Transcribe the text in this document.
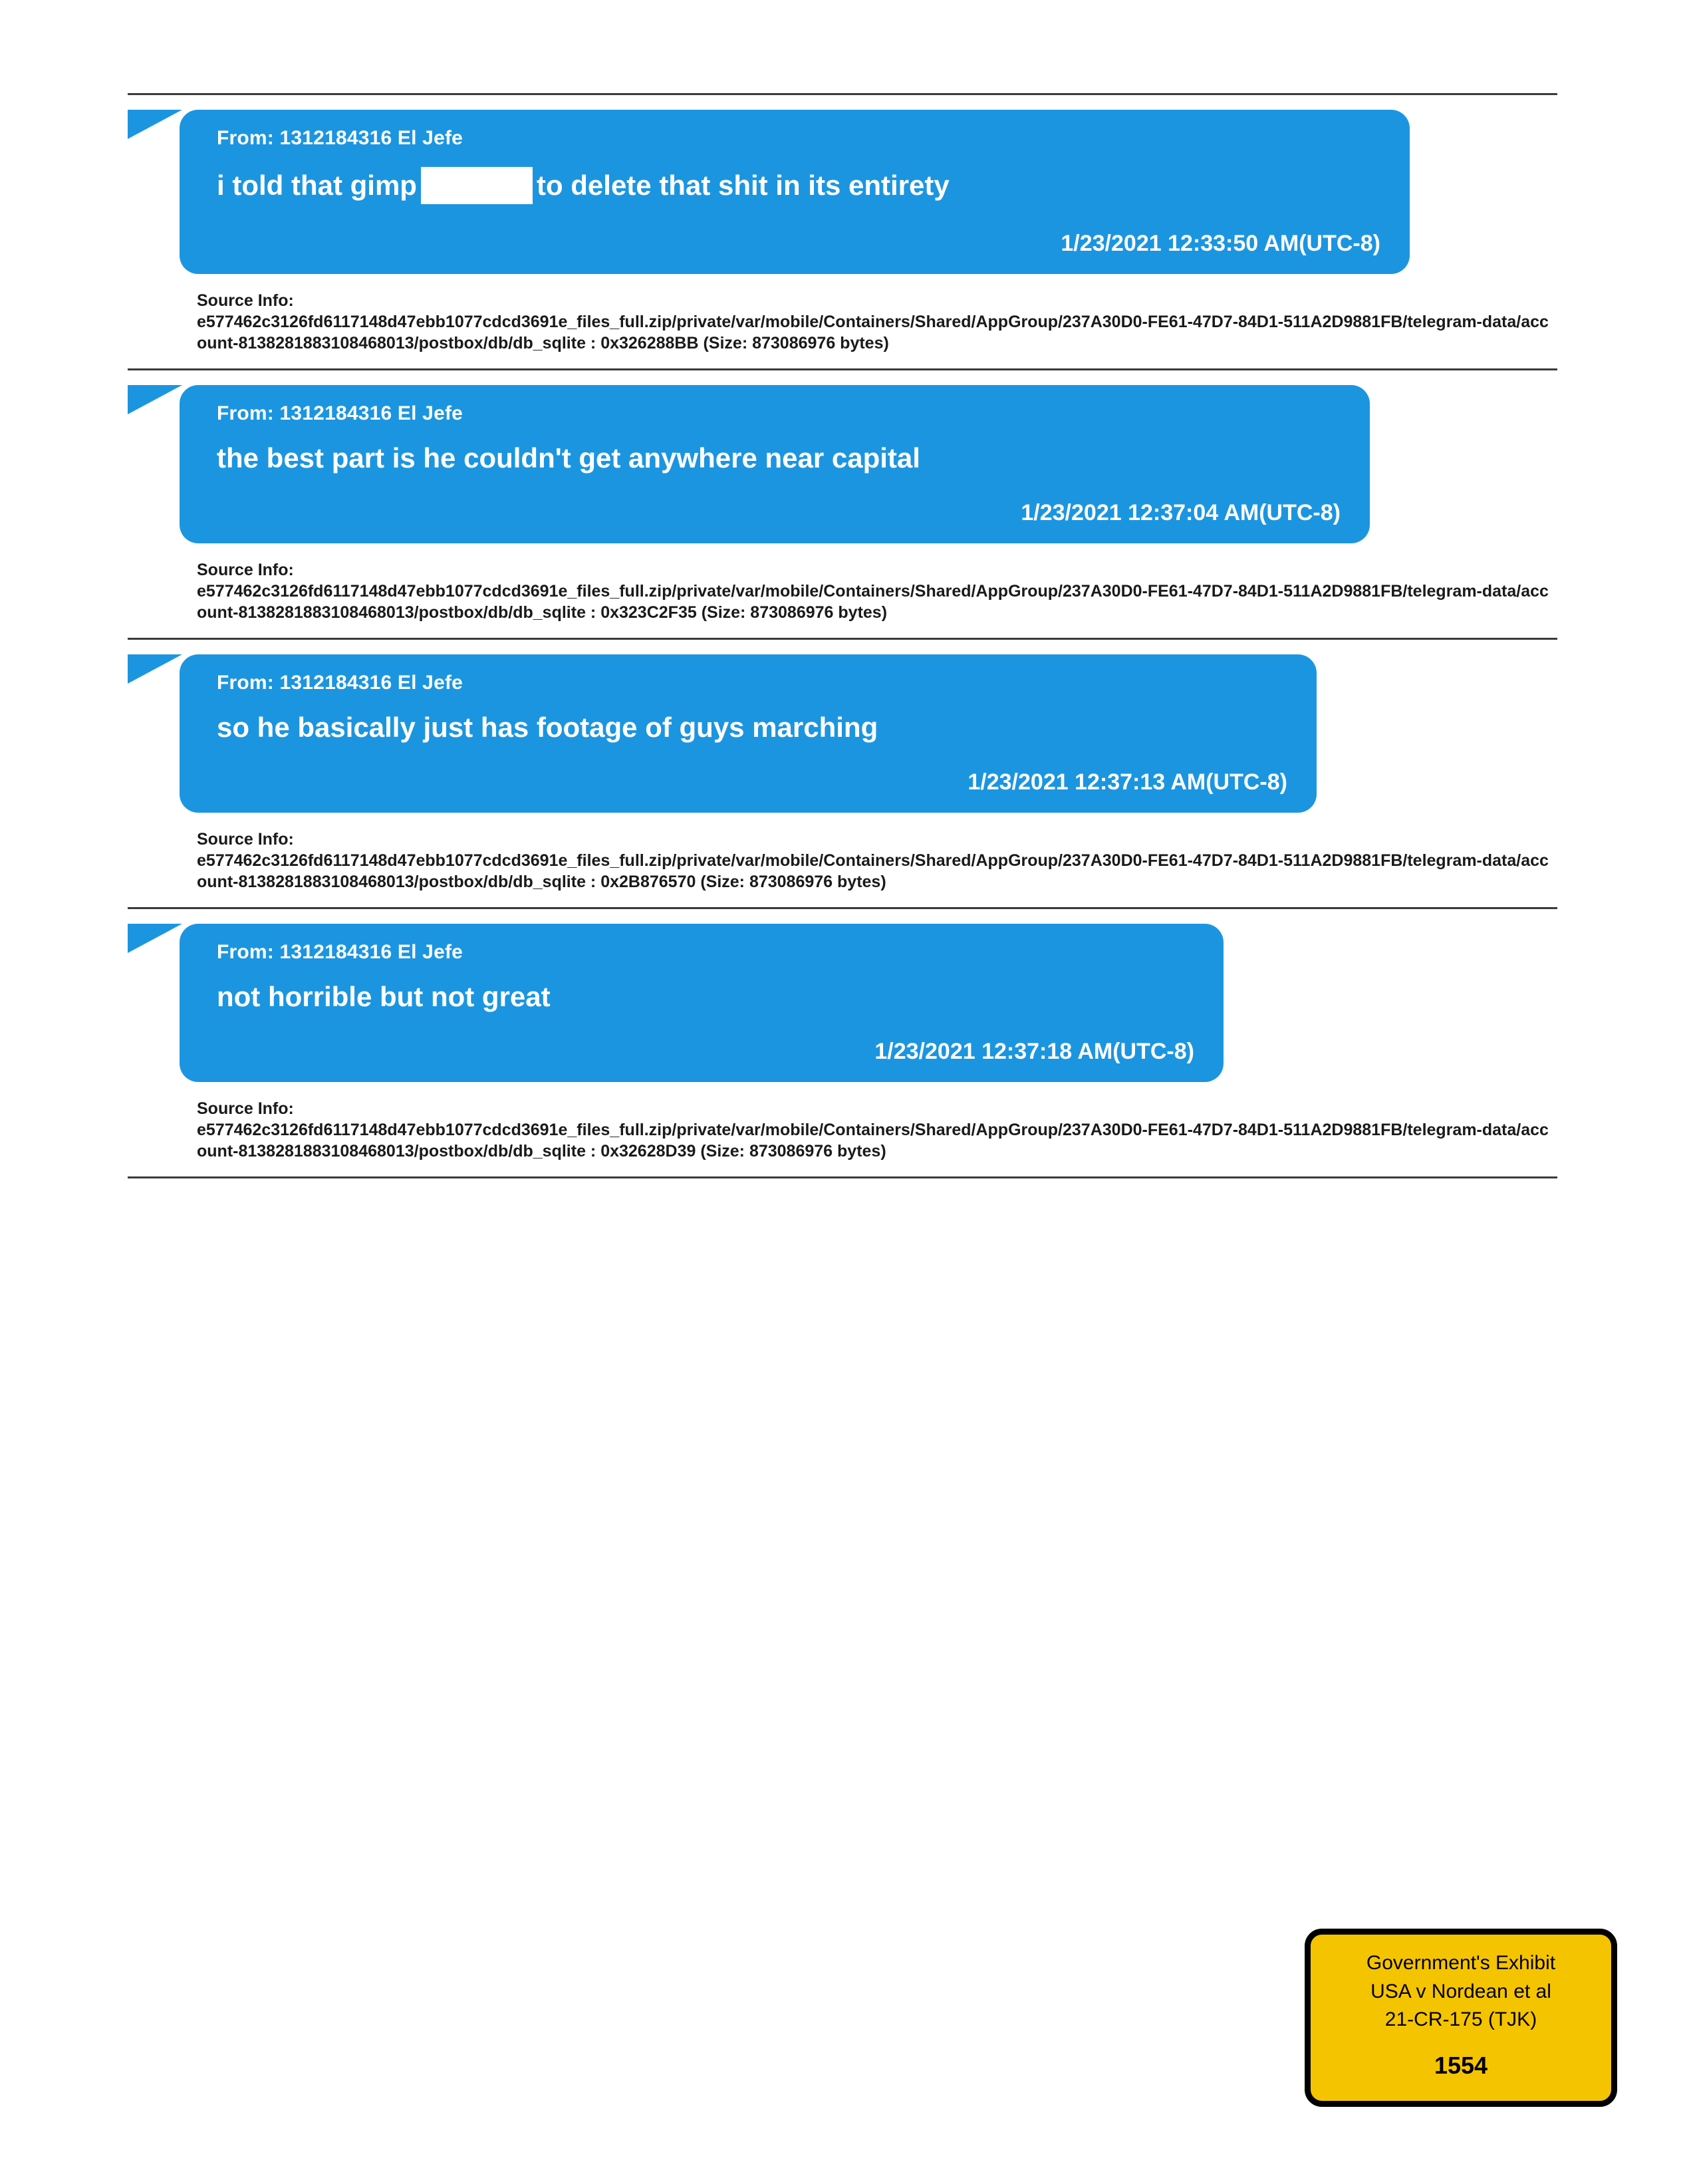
From: 1312184316 El Jefe
i told that gimp	to delete that shit in its entirety
1/23/2021 12:33:50 AM(UTC-8)
Source Info:
e577462c3126fd6117148d47ebb1077cdcd3691e_files_full.zip/private/var/mobile/Containers/Shared/AppGroup/237A30D0-FE61-47D7-84D1-511A2D9881FB/telegram-data/account-8138281883108468013/postbox/db/db_sqlite : 0x326288BB (Size: 873086976 bytes)
From: 1312184316 El Jefe
the best part is he couldn't get anywhere near capital
1/23/2021 12:37:04 AM(UTC-8)
Source Info:
e577462c3126fd6117148d47ebb1077cdcd3691e_files_full.zip/private/var/mobile/Containers/Shared/AppGroup/237A30D0-FE61-47D7-84D1-511A2D9881FB/telegram-data/account-8138281883108468013/postbox/db/db_sqlite : 0x323C2F35 (Size: 873086976 bytes)
From: 1312184316 El Jefe
so he basically just has footage of guys marching
1/23/2021 12:37:13 AM(UTC-8)
Source Info:
e577462c3126fd6117148d47ebb1077cdcd3691e_files_full.zip/private/var/mobile/Containers/Shared/AppGroup/237A30D0-FE61-47D7-84D1-511A2D9881FB/telegram-data/account-8138281883108468013/postbox/db/db_sqlite : 0x2B876570 (Size: 873086976 bytes)
From: 1312184316 El Jefe
not horrible but not great
1/23/2021 12:37:18 AM(UTC-8)
Source Info:
e577462c3126fd6117148d47ebb1077cdcd3691e_files_full.zip/private/var/mobile/Containers/Shared/AppGroup/237A30D0-FE61-47D7-84D1-511A2D9881FB/telegram-data/account-8138281883108468013/postbox/db/db_sqlite : 0x32628D39 (Size: 873086976 bytes)
Government's Exhibit
USA v Nordean et al
21-CR-175 (TJK)
1554
